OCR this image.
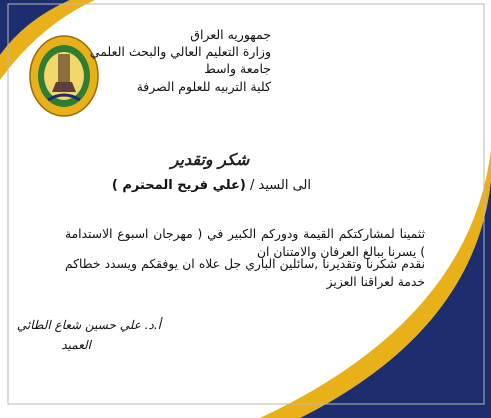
جمهوريه العراق
وزارة التعليم العالي والبحث العلمي
جامعة واسط
كلية التربيه للعلوم الصرفة
شكر وتقدير
الى السيد / (علي فريح المحترم )
ثثمينا لمشاركتكم القيمة ودوركم الكبير في ( مهرجان اسبوع الاستدامة ) يسرنا ببالغ العرفان والامتنان ان
نقدم شكرنا وتقديرنا ,سائلين الباري جل علاه ان يوفقكم ويسدد خطاكم خدمة لعراقنا العزيز
أ.د. علي حسين شعاع الطائي
العميد
